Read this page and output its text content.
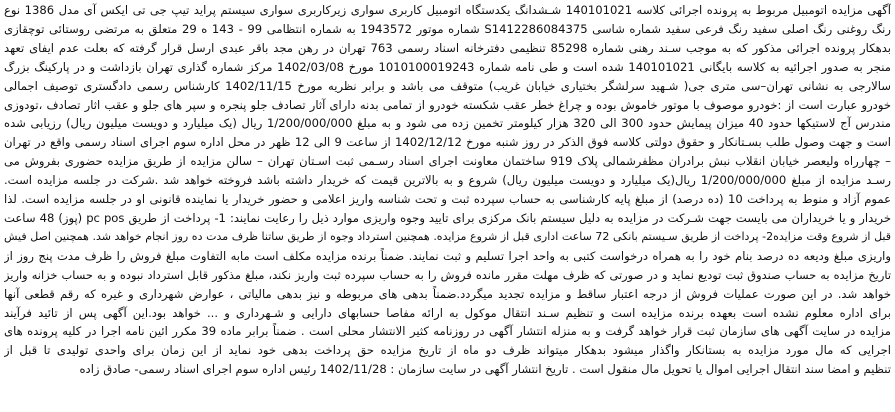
آگهی مزایده اتومبیل مربوط به پرونده اجرائی کلاسه 140101021 شـشدانگ یکدستگاه اتومبیل کاربری سواری زیرکاربری سواری سیستم پراید تیپ جی تی ایکس آی مدل 1386 نوع
رنگ روغنی رنگ اصلی سفید رنگ فرعی سفید شماره شاسی S1412286084375 شماره موتور 1943572 به شماره انتظامی 99 - 143 ه 29 متعلق به مرتضی روستائی توچقازی
بدهکار پرونده اجرائی مذکور که به موجب سـند رهنی شماره 85298 تنظیمی دفترخانه اسناد رسمی 763 تهران در رهن مجد باقر عبدی ارسل قرار گرفته که بعلت عدم ایفای تعهد
منجر به صدور اجرائیه به کلاسه بایگانی 140101021 شده است و طی نامه شماره 1010100019243 مورخ 1402/03/08 مرکز شماره گذاری تهران بازداشت و در پارکینگ بزرگ
سالارجی به نشانی تهران–سی متری جی( شـهید سرلشگر بختیاری خیابان غریب) متوقف می باشد و برابر نظریه مورخ 1402/11/15 کارشناس رسمی دادگستری توصیف اجمالی
خودرو عبارت است از :خودرو موصوف با موتور خاموش بوده و چراغ خطر عقب شکسته خودرو از تمامی بدنه دارای آثار تصادف جلو پنجره و سپر های جلو و عقب اثار تصادف ،تودوزی
مندرس آج لاستیکها حدود 40 میزان پیمایش حدود 300 الی 320 هزار کیلومتر تخمین زده می شود و به مبلغ 1/200/000/000 ریال (یک میلیارد و دویست میلیون ریال) رزیابی شده
است و جهت وصول طلب بسـتانکار و حقوق دولتی کلاسه فوق الذکر در روز شنبه مورخ 1402/12/12 از ساعت 9 الی 12 ظهر در محل اداره سوم اجرای اسناد رسمی واقع در تهران
– چهارراه ولیعصر خیابان انقلاب نبش برادران مظفرشمالی پلاک 919 ساختمان معاونت اجرای اسناد رسـمی ثبت اسـتان تهران – سالن مزایده از طریق مزایده حضوری بفروش می
رسـد مزایده از مبلغ 1/200/000/000 ریال(یک میلیارد و دویست میلیون ریال) شروع و به بالاترین قیمت که خریدار داشته باشد فروخته خواهد شد .شرکت در جلسه مزایده است.
عموم آزاد و منوط به پرداخت 10 (ده درصد) از مبلغ پایه کارشناسی به حساب سپرده ثبت و تحت شناسه واریز اعلامی و حضور خریدار یا نماینده قانونی او در جلسه مزایده است. لذا
خریدار و یا خریداران می بایست جهت شـرکت در مزایده به دلیل سیستم بانک مرکزی برای تایید وجوه واریزی موارد ذیل را رعایت نمایند: 1- پرداخت از طریق pc pos (پوز) 48 ساعت
قبل از شروع وقت مزایده2- پرداخت از طریق سـیستم بانکی 72 ساعت اداری قبل از شروع مزایده. همچنین استرداد وجوه از طریق ساتنا ظرف مدت ده روز انجام خواهد شد. همچنین اصل فیش
واریزی مبلغ ودیعه ده درصد بنام خود را به همراه درخواست کتبی به واحد اجرا تسلیم و ثبت نمایند. ضمناً برنده مزایده مکلف است مابه التفاوت مبلغ فروش را ظرف مدت پنج روز از
تاریخ مزایده به حساب صندوق ثبت تودیع نماید و در صورتی که ظرف مهلت مقرر مانده فروش را به حساب سپرده ثبت واریز نکند، مبلغ مذکور قابل استرداد نبوده و به حساب خزانه واریز
خواهد شد. در این صورت عملیات فروش از درجه اعتبار ساقط و مزایده تجدید میگردد.ضمناً بدهی های مربوطه و نیز بدهی مالیاتی ، عوارض شهرداری و غیره که رقم قطعی آنها
برای اداره معلوم نشده است بعهده برنده مزایده است و تنظیم سـند انتقال موکول به ارائه مفاصا حسابهای دارایی و شـهرداری و ... خواهد بود.این آگهی پس از تائید فرآیند
مزایده در سایت آگهی های سازمان ثبت قرار خواهد گرفت و به منزله انتشار آگهی در روزنامه کثیر الانتشار محلی است . ضمناً برابر ماده 39 مکرر ائین نامه اجرا در کلیه پرونده های
اجرایی که مال مورد مزایده به بستانکار واگذار میشود بدهکار میتواند ظرف دو ماه از تاریخ مزایده حق پرداخت بدهی خود نماید از این زمان برای واحدی تولیدی تا قبل از
تنظیم و امضا سند انتقال اجرایی اموال یا تحویل مال منقول است . تاریخ انتشار آگهی در سایت سازمان : 1402/11/28 رئیس اداره سوم اجرای اسناد رسمی- صادق زاده
